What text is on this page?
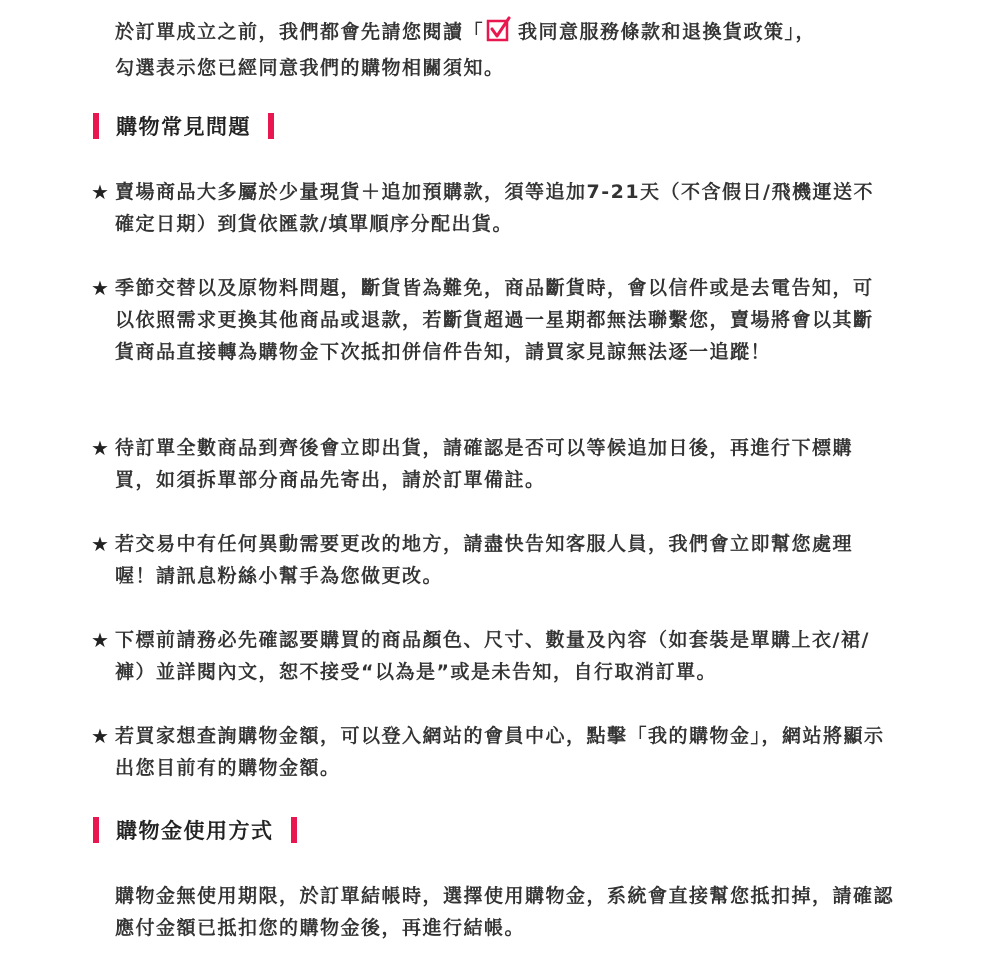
於訂單成立之前，我們都會先請您閱讀「 我同意服務條款和退換貨政策」，
勾選表示您已經同意我們的購物相關須知。
購物常見問題
★ 賣場商品大多屬於少量現貨＋追加預購款，須等追加7-21天（不含假日/飛機運送不確定日期）到貨依匯款/填單順序分配出貨。
★ 季節交替以及原物料問題，斷貨皆為難免，商品斷貨時，會以信件或是去電告知，可以依照需求更換其他商品或退款，若斷貨超過一星期都無法聯繫您，賣場將會以其斷貨商品直接轉為購物金下次抵扣併信件告知，請買家見諒無法逐一追蹤！
★ 待訂單全數商品到齊後會立即出貨，請確認是否可以等候追加日後，再進行下標購買，如須拆單部分商品先寄出，請於訂單備註。
★ 若交易中有任何異動需要更改的地方，請盡快告知客服人員，我們會立即幫您處理喔！請訊息粉絲小幫手為您做更改。
★ 下標前請務必先確認要購買的商品顏色、尺寸、數量及內容（如套裝是單購上衣/裙/褲）並詳閱內文，恕不接受“以為是”或是未告知，自行取消訂單。
★ 若買家想查詢購物金額，可以登入網站的會員中心，點擊「我的購物金」，網站將顯示出您目前有的購物金額。
購物金使用方式
購物金無使用期限，於訂單結帳時，選擇使用購物金，系統會直接幫您抵扣掉，請確認應付金額已抵扣您的購物金後，再進行結帳。
